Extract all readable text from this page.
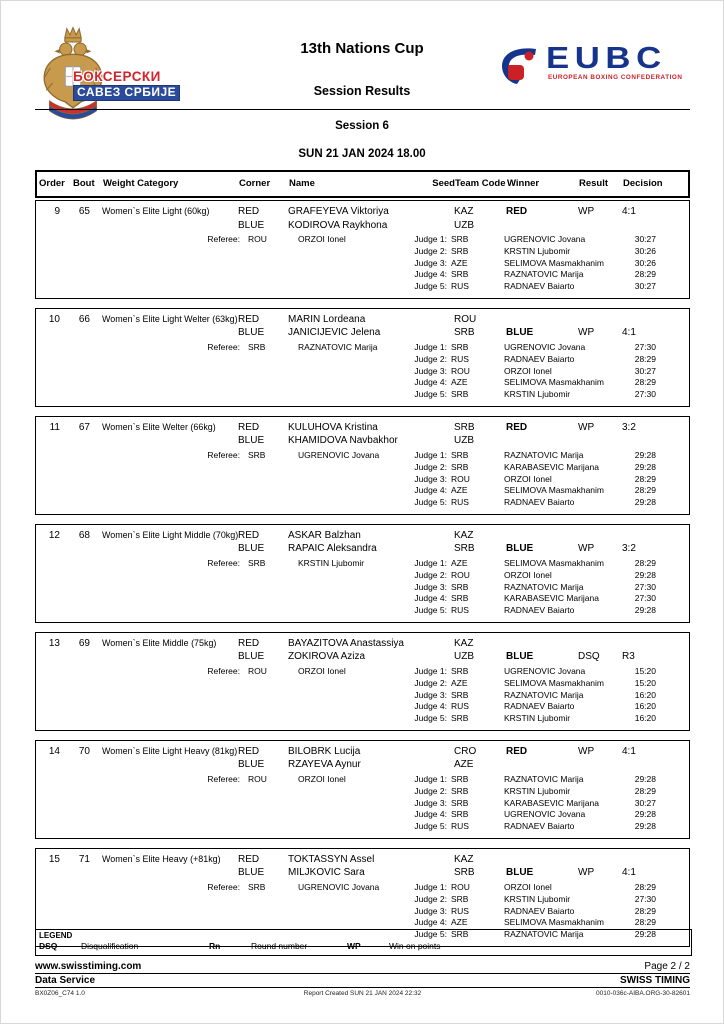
БОКСЕРСКИ
САВЕЗ СРБИЈЕ
13th Nations Cup
Session Results
EUBC
EUROPEAN BOXING CONFEDERATION
Session 6
SUN 21 JAN 2024 18.00
Order Bout Weight Category	Corner	Name	Seed Team Code Winner	Result	Decision
9	65	Women`s Elite Light (60kg)	RED	GRAFEYEVA Viktoriya	KAZ	RED	WP	4:1
BLUE	KODIROVA Raykhona	UZB
Referee: ROU	ORZOI Ionel	Judge 1: SRB	UGRENOVIC Jovana	30:27
Judge 2: SRB	KRSTIN Ljubomir	30:26
Judge 3: AZE	SELIMOVA Masmakhanim	30:26
Judge 4: SRB	RAZNATOVIC Marija	28:29
Judge 5: RUS	RADNAEV Baiarto	30:27
10	66	Women`s Elite Light Welter (63kg) RED	MARIN Lordeana	ROU
BLUE	JANICIJEVIC Jelena	SRB	BLUE	WP	4:1
Referee: SRB	RAZNATOVIC Marija	Judge 1: SRB	UGRENOVIC Jovana	27:30
Judge 2: RUS	RADNAEV Baiarto	28:29
Judge 3: ROU	ORZOI Ionel	30:27
Judge 4: AZE	SELIMOVA Masmakhanim	28:29
Judge 5: SRB	KRSTIN Ljubomir	27:30
11	67	Women`s Elite Welter (66kg)	RED	KULUHOVA Kristina	SRB	RED	WP	3:2
BLUE	KHAMIDOVA Navbakhor	UZB
Referee: SRB	UGRENOVIC Jovana	Judge 1: SRB	RAZNATOVIC Marija	29:28
Judge 2: SRB	KARABASEVIC Marijana	29:28
Judge 3: ROU	ORZOI Ionel	28:29
Judge 4: AZE	SELIMOVA Masmakhanim	28:29
Judge 5: RUS	RADNAEV Baiarto	29:28
12	68	Women`s Elite Light Middle (70kg) RED	ASKAR Balzhan	KAZ
BLUE	RAPAIC Aleksandra	SRB	BLUE	WP	3:2
Referee: SRB	KRSTIN Ljubomir	Judge 1: AZE	SELIMOVA Masmakhanim	28:29
Judge 2: ROU	ORZOI Ionel	29:28
Judge 3: SRB	RAZNATOVIC Marija	27:30
Judge 4: SRB	KARABASEVIC Marijana	27:30
Judge 5: RUS	RADNAEV Baiarto	29:28
13	69	Women`s Elite Middle (75kg)	RED	BAYAZITOVA Anastassiya	KAZ
BLUE	ZOKIROVA Aziza	UZB	BLUE	DSQ	R3
Referee: ROU	ORZOI Ionel	Judge 1: SRB	UGRENOVIC Jovana	15:20
Judge 2: AZE	SELIMOVA Masmakhanim	15:20
Judge 3: SRB	RAZNATOVIC Marija	16:20
Judge 4: RUS	RADNAEV Baiarto	16:20
Judge 5: SRB	KRSTIN Ljubomir	16:20
14	70	Women`s Elite Light Heavy (81kg) RED	BILOBRK Lucija	CRO	RED	WP	4:1
BLUE	RZAYEVA Aynur	AZE
Referee: ROU	ORZOI Ionel	Judge 1: SRB	RAZNATOVIC Marija	29:28
Judge 2: SRB	KRSTIN Ljubomir	28:29
Judge 3: SRB	KARABASEVIC Marijana	30:27
Judge 4: SRB	UGRENOVIC Jovana	29:28
Judge 5: RUS	RADNAEV Baiarto	29:28
15	71	Women`s Elite Heavy (+81kg)	RED	TOKTASSYN Assel	KAZ
BLUE	MILJKOVIC Sara	SRB	BLUE	WP	4:1
Referee: SRB	UGRENOVIC Jovana	Judge 1: ROU	ORZOI Ionel	28:29
Judge 2: SRB	KRSTIN Ljubomir	27:30
Judge 3: RUS	RADNAEV Baiarto	28:29
Judge 4: AZE	SELIMOVA Masmakhanim	28:29
Judge 5: SRB	RAZNATOVIC Marija	29:28
LEGEND
DSQ	Disqualification	Rn	Round number	WP	Win on points
www.swisstiming.com	Page 2 / 2
Data Service	SWISS TIMING
BX0Z06_C74 1.0	Report Created SUN 21 JAN 2024 22:32	0010-036c-AIBA.ORG-30-82601
